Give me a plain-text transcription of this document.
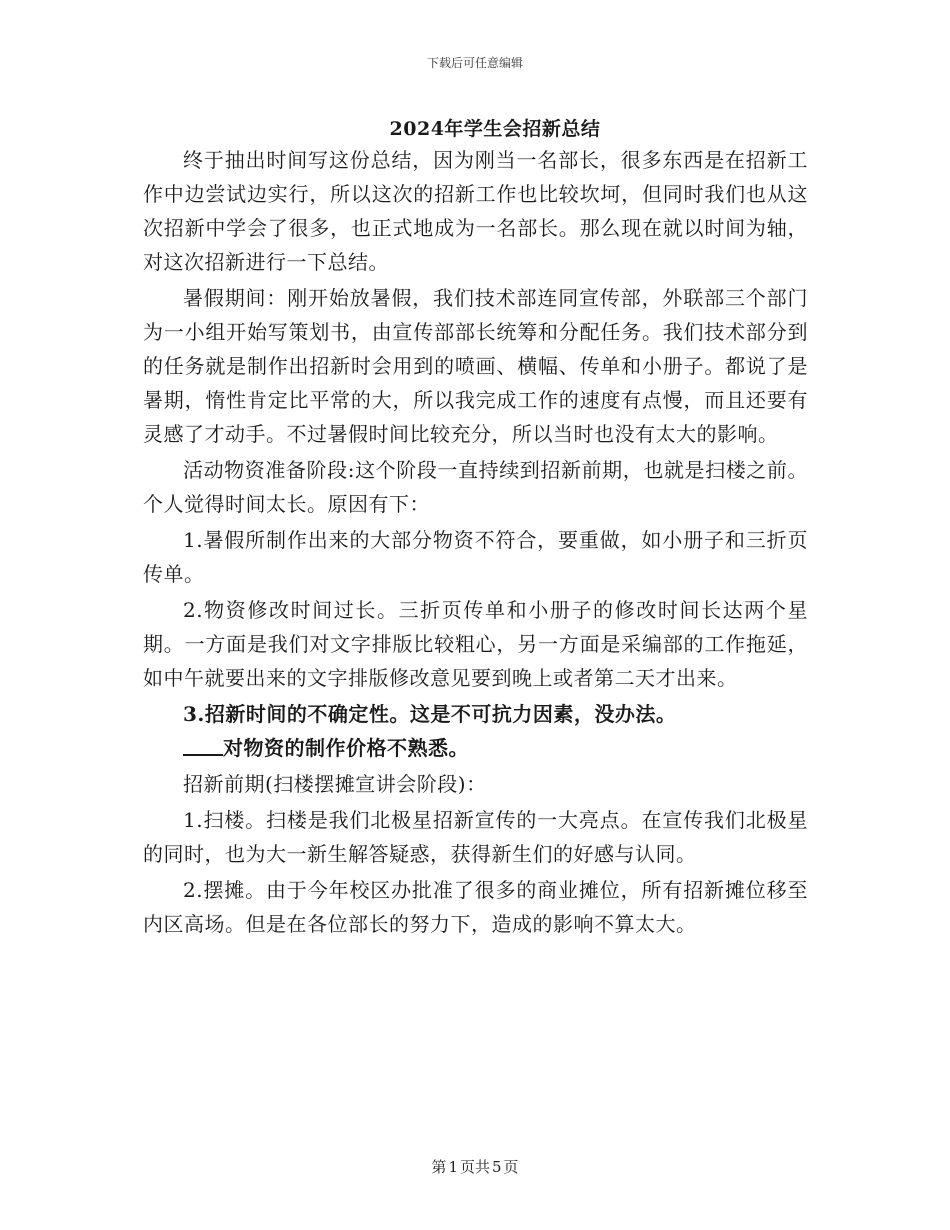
下载后可任意编辑
2024年学生会招新总结

终于抽出时间写这份总结，因为刚当一名部长，很多东西是在招新工作中边尝试边实行，所以这次的招新工作也比较坎坷，但同时我们也从这次招新中学会了很多，也正式地成为一名部长。那么现在就以时间为轴，对这次招新进行一下总结。

暑假期间：刚开始放暑假，我们技术部连同宣传部，外联部三个部门为一小组开始写策划书，由宣传部部长统筹和分配任务。我们技术部分到的任务就是制作出招新时会用到的喷画、横幅、传单和小册子。都说了是暑期，惰性肯定比平常的大，所以我完成工作的速度有点慢，而且还要有灵感了才动手。不过暑假时间比较充分，所以当时也没有太大的影响。

活动物资准备阶段:这个阶段一直持续到招新前期，也就是扫楼之前。个人觉得时间太长。原因有下：

1.暑假所制作出来的大部分物资不符合，要重做，如小册子和三折页传单。

2.物资修改时间过长。三折页传单和小册子的修改时间长达两个星期。一方面是我们对文字排版比较粗心，另一方面是采编部的工作拖延，如中午就要出来的文字排版修改意见要到晚上或者第二天才出来。

3.招新时间的不确定性。这是不可抗力因素，没办法。

对物资的制作价格不熟悉。

招新前期(扫楼摆摊宣讲会阶段)：

1.扫楼。扫楼是我们北极星招新宣传的一大亮点。在宣传我们北极星的同时，也为大一新生解答疑惑，获得新生们的好感与认同。

2.摆摊。由于今年校区办批准了很多的商业摊位，所有招新摊位移至内区高场。但是在各位部长的努力下，造成的影响不算太大。

第 1 页共 5 页
